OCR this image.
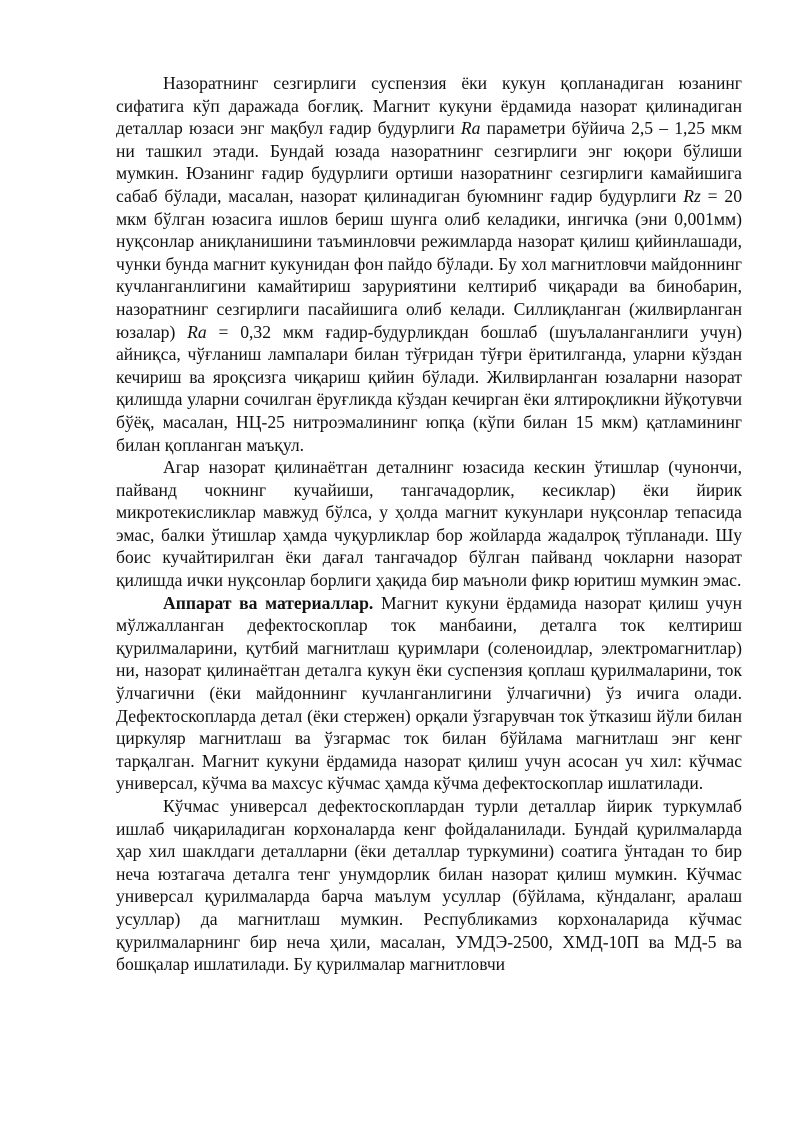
Назоратнинг сезгирлиги суспензия ёки кукун қопланадиган юзанинг сифатига кўп даражада боғлиқ. Магнит кукуни ёрдамида назорат қилинадиган деталлар юзаси энг мақбул ғадир будурлиги Ra параметри бўйича 2,5 – 1,25 мкм ни ташкил этади. Бундай юзада назоратнинг сезгирлиги энг юқори бўлиши мумкин. Юзанинг ғадир будурлиги ортиши назоратнинг сезгирлиги камайишига сабаб бўлади, масалан, назорат қилинадиган буюмнинг ғадир будурлиги Rz = 20 мкм бўлган юзасига ишлов бериш шунга олиб келадики, ингичка (эни 0,001мм) нуқсонлар аниқланишини таъминловчи режимларда назорат қилиш қийинлашади, чунки бунда магнит кукунидан фон пайдо бўлади. Бу хол магнитловчи майдоннинг кучланганлигини камайтириш заруриятини келтириб чиқаради ва бинобарин, назоратнинг сезгирлиги пасайишига олиб келади. Силлиқланган (жилвирланган юзалар) Ra = 0,32 мкм ғадир-будурликдан бошлаб (шуълаланганлиги учун) айниқса, чўғланиш лампалари билан тўғридан тўғри ёритилганда, уларни кўздан кечириш ва яроқсизга чиқариш қийин бўлади. Жилвирланган юзаларни назорат қилишда уларни сочилган ёруғликда кўздан кечирган ёки ялтироқликни йўқотувчи бўёқ, масалан, НЦ-25 нитроэмалининг юпқа (кўпи билан 15 мкм) қатламининг билан қопланган маъқул.

Агар назорат қилинаётган деталнинг юзасида кескин ўтишлар (чунончи, пайванд чокнинг кучайиши, тангачадорлик, кесиклар) ёки йирик микротекисликлар мавжуд бўлса, у ҳолда магнит кукунлари нуқсонлар тепасида эмас, балки ўтишлар ҳамда чуқурликлар бор жойларда жадалроқ тўпланади. Шу боис кучайтирилган ёки дағал тангачадор бўлган пайванд чокларни назорат қилишда ички нуқсонлар борлиги ҳақида бир маъноли фикр юритиш мумкин эмас.

Аппарат ва материаллар. Магнит кукуни ёрдамида назорат қилиш учун мўлжалланган дефектоскоплар ток манбаини, деталга ток келтириш қурилмаларини, қутбий магнитлаш қуримлари (соленоидлар, электромагнитлар) ни, назорат қилинаётган деталга кукун ёки суспензия қоплаш қурилмаларини, ток ўлчагични (ёки майдоннинг кучланганлигини ўлчагични) ўз ичига олади. Дефектоскопларда детал (ёки стержен) орқали ўзгарувчан ток ўтказиш йўли билан циркуляр магнитлаш ва ўзгармас ток билан бўйлама магнитлаш энг кенг тарқалган. Магнит кукуни ёрдамида назорат қилиш учун асосан уч хил: кўчмас универсал, кўчма ва махсус кўчмас ҳамда кўчма дефектоскоплар ишлатилади.

Кўчмас универсал дефектоскоплардан турли деталлар йирик туркумлаб ишлаб чиқариладиган корхоналарда кенг фойдаланилади. Бундай қурилмаларда ҳар хил шаклдаги деталларни (ёки деталлар туркумини) соатига ўнтадан то бир неча юзтагача деталга тенг унумдорлик билан назорат қилиш мумкин. Кўчмас универсал қурилмаларда барча маълум усуллар (бўйлама, кўндаланг, аралаш усуллар) да магнитлаш мумкин. Республикамиз корхоналарида кўчмас қурилмаларнинг бир неча ҳили, масалан, УМДЭ-2500, ХМД-10П ва МД-5 ва бошқалар ишлатилади. Бу қурилмалар магнитловчи
